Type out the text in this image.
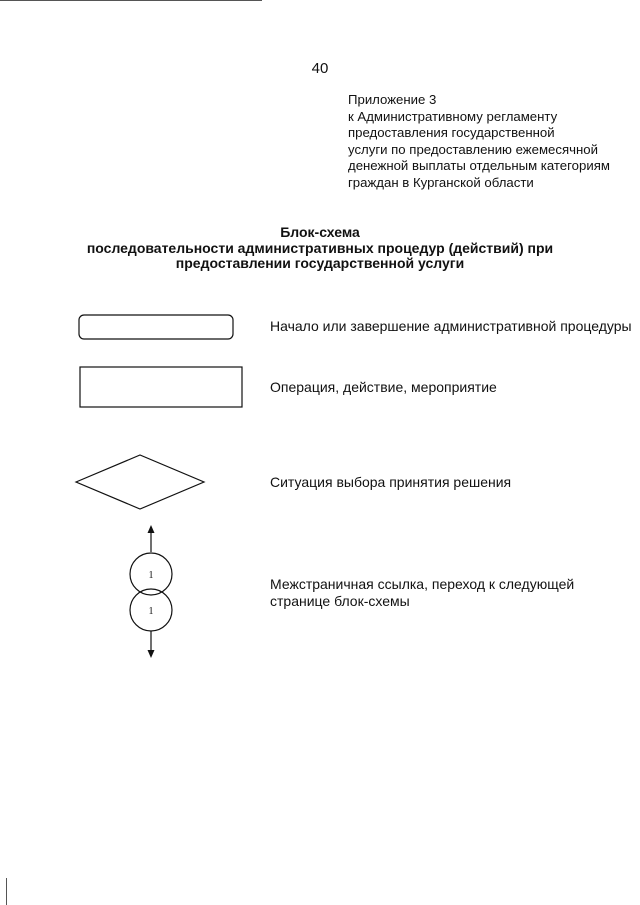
40
Приложение 3
к Административному регламенту
предоставления государственной
услуги по предоставлению ежемесячной
денежной выплаты отдельным категориям
граждан в Курганской области
Блок-схема
последовательности административных процедур (действий) при
предоставлении государственной услуги
Начало или завершение административной процедуры
Операция, действие, мероприятие
Ситуация выбора принятия решения
1
1
Межстраничная ссылка, переход к следующей
странице блок-схемы
